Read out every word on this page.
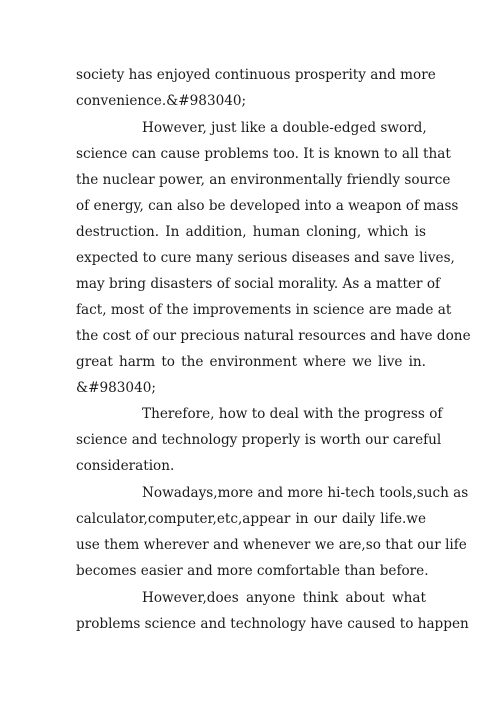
society has enjoyed continuous prosperity and more
convenience.&#983040;
However, just like a double-edged sword,
science can cause problems too. It is known to all that
the nuclear power, an environmentally friendly source
of energy, can also be developed into a weapon of mass
destruction. In addition, human cloning, which is
expected to cure many serious diseases and save lives,
may bring disasters of social morality. As a matter of
fact, most of the improvements in science are made at
the cost of our precious natural resources and have done
great harm to the environment where we live in.
&#983040;
Therefore, how to deal with the progress of
science and technology properly is worth our careful
consideration.
Nowadays,more and more hi-tech tools,such as
calculator,computer,etc,appear in our daily life.we
use them wherever and whenever we are,so that our life
becomes easier and more comfortable than before.
However,does anyone think about what
problems science and technology have caused to happen
